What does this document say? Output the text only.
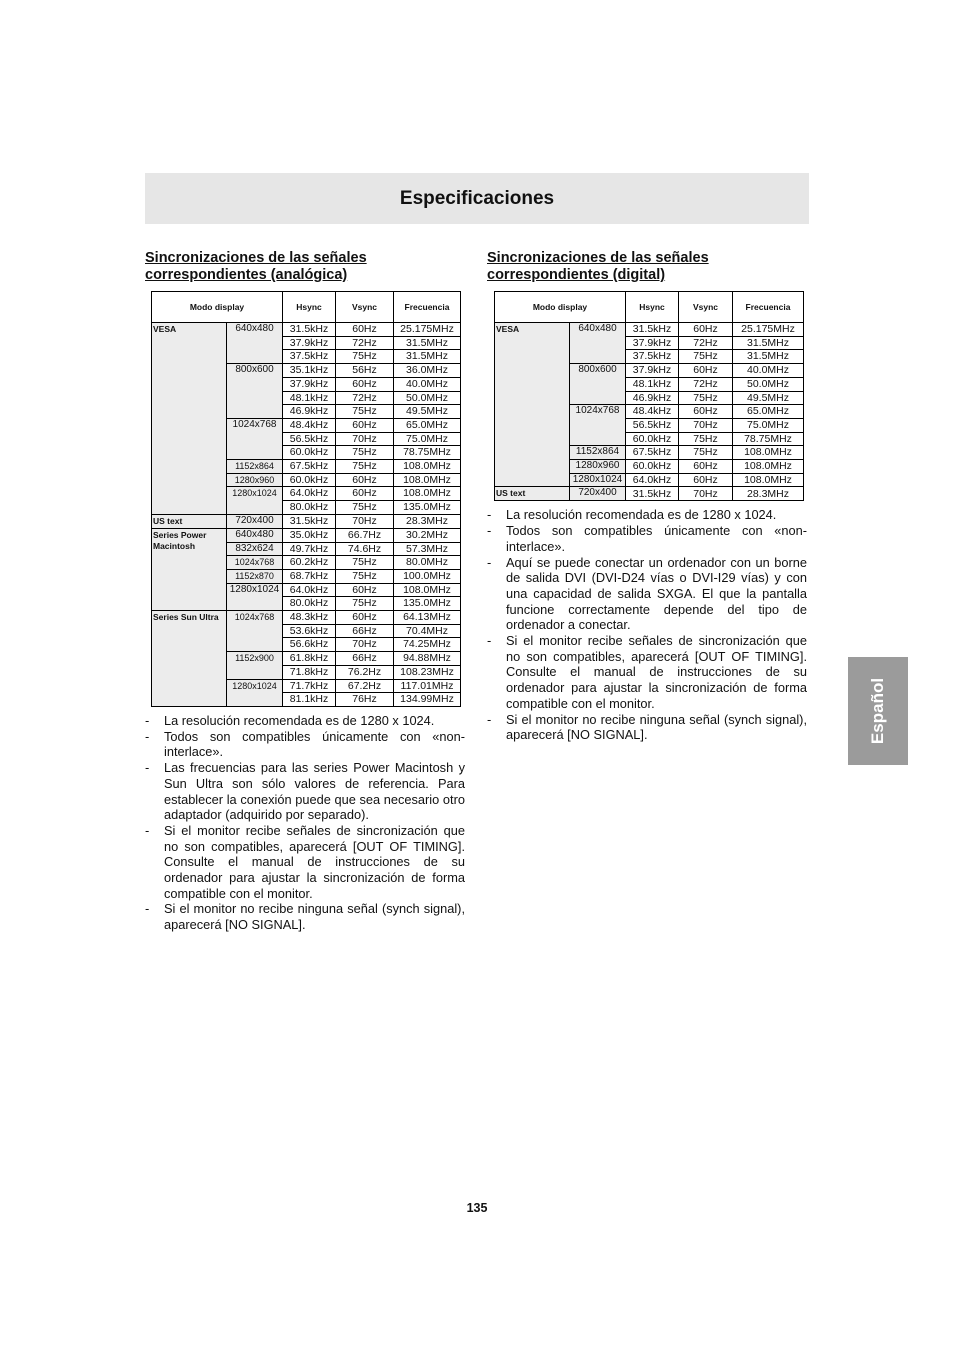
Especificaciones
Sincronizaciones de las señales
correspondientes (analógica)
Modo display		Hsync	Vsync	Frecuencia
VESA	640x480	31.5kHz	60Hz	25.175MHz
		37.9kHz	72Hz	31.5MHz
		37.5kHz	75Hz	31.5MHz
	800x600	35.1kHz	56Hz	36.0MHz
		37.9kHz	60Hz	40.0MHz
		48.1kHz	72Hz	50.0MHz
		46.9kHz	75Hz	49.5MHz
	1024x768	48.4kHz	60Hz	65.0MHz
		56.5kHz	70Hz	75.0MHz
		60.0kHz	75Hz	78.75MHz
	1152x864	67.5kHz	75Hz	108.0MHz
	1280x960	60.0kHz	60Hz	108.0MHz
	1280x1024	64.0kHz	60Hz	108.0MHz
		80.0kHz	75Hz	135.0MHz
US text	720x400	31.5kHz	70Hz	28.3MHz
Series Power Macintosh	640x480	35.0kHz	66.7Hz	30.2MHz
	832x624	49.7kHz	74.6Hz	57.3MHz
	1024x768	60.2kHz	75Hz	80.0MHz
	1152x870	68.7kHz	75Hz	100.0MHz
	1280x1024	64.0kHz	60Hz	108.0MHz
		80.0kHz	75Hz	135.0MHz
Series Sun Ultra	1024x768	48.3kHz	60Hz	64.13MHz
		53.6kHz	66Hz	70.4MHz
		56.6kHz	70Hz	74.25MHz
	1152x900	61.8kHz	66Hz	94.88MHz
		71.8kHz	76.2Hz	108.23MHz
	1280x1024	71.7kHz	67.2Hz	117.01MHz
		81.1kHz	76Hz	134.99MHz
- La resolución recomendada es de 1280 x 1024.
- Todos son compatibles únicamente con «non-interlace».
- Las frecuencias para las series Power Macintosh y Sun Ultra son sólo valores de referencia. Para establecer la conexión puede que sea necesario otro adaptador (adquirido por separado).
- Si el monitor recibe señales de sincronización que no son compatibles, aparecerá [OUT OF TIMING]. Consulte el manual de instrucciones de su ordenador para ajustar la sincronización de forma compatible con el monitor.
- Si el monitor no recibe ninguna señal (synch signal), aparecerá [NO SIGNAL].
Sincronizaciones de las señales
correspondientes (digital)
Modo display		Hsync	Vsync	Frecuencia
VESA	640x480	31.5kHz	60Hz	25.175MHz
		37.9kHz	72Hz	31.5MHz
		37.5kHz	75Hz	31.5MHz
	800x600	37.9kHz	60Hz	40.0MHz
		48.1kHz	72Hz	50.0MHz
		46.9kHz	75Hz	49.5MHz
	1024x768	48.4kHz	60Hz	65.0MHz
		56.5kHz	70Hz	75.0MHz
		60.0kHz	75Hz	78.75MHz
	1152x864	67.5kHz	75Hz	108.0MHz
	1280x960	60.0kHz	60Hz	108.0MHz
	1280x1024	64.0kHz	60Hz	108.0MHz
US text	720x400	31.5kHz	70Hz	28.3MHz
- La resolución recomendada es de 1280 x 1024.
- Todos son compatibles únicamente con «non-interlace».
- Aquí se puede conectar un ordenador con un borne de salida DVI (DVI-D24 vías o DVI-I29 vías) y con una capacidad de salida SXGA. El que la pantalla funcione correctamente depende del tipo de ordenador a conectar.
- Si el monitor recibe señales de sincronización que no son compatibles, aparecerá [OUT OF TIMING]. Consulte el manual de instrucciones de su ordenador para ajustar la sincronización de forma compatible con el monitor.
- Si el monitor no recibe ninguna señal (synch signal), aparecerá [NO SIGNAL].	Español
135
